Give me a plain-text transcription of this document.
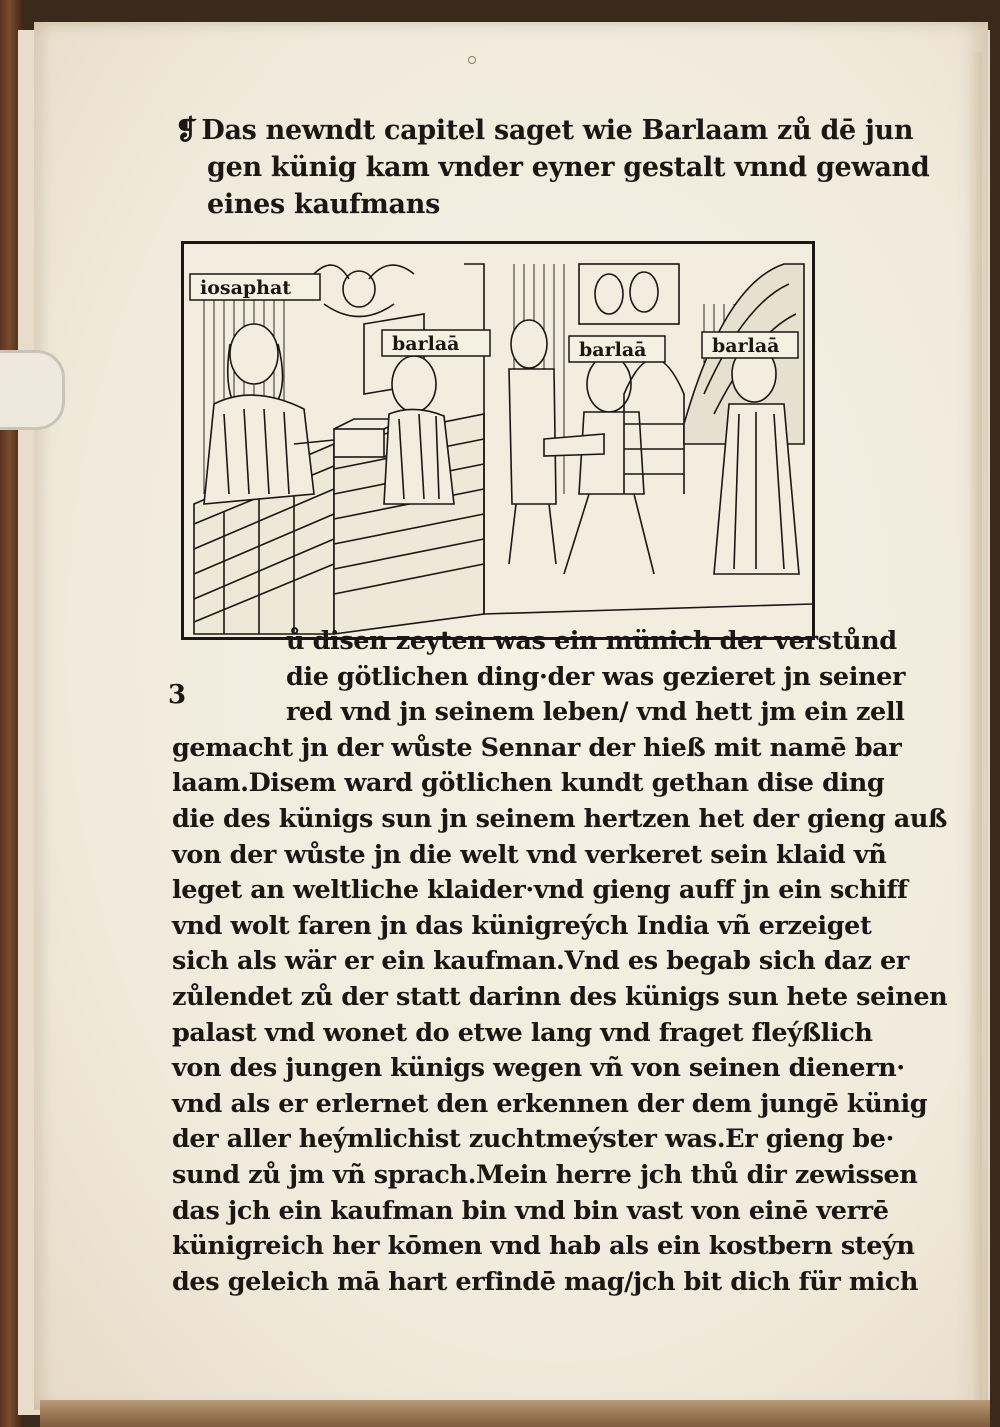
❡ Das newndt capitel saget wie Barlaam zů dē jun
gen künig kam vnder eyner gestalt vnnd gewand
eines kaufmans
iosaphat
barlaā	barlaā	barlaā
3
ů disen zeyten was ein münich der verstůnd
die götlichen ding·der was gezieret jn seiner
red vnd jn seinem leben/ vnd hett jm ein zell
gemacht jn der wůste Sennar der hieß mit namē bar
laam.Disem ward götlichen kundt gethan dise ding
die des künigs sun jn seinem hertzen het der gieng auß
von der wůste jn die welt vnd verkeret sein klaid vñ
leget an weltliche klaider·vnd gieng auff jn ein schiff
vnd wolt faren jn das künigreých India vñ erzeiget
sich als wär er ein kaufman.Vnd es begab sich daz er
zůlendet zů der statt darinn des künigs sun hete seinen
palast vnd wonet do etwe lang vnd fraget fleýßlich
von des jungen künigs wegen vñ von seinen dienern·
vnd als er erlernet den erkennen der dem jungē künig
der aller heýmlichist zuchtmeýster was.Er gieng be·
sund zů jm vñ sprach.Mein herre jch thů dir zewissen
das jch ein kaufman bin vnd bin vast von einē verrē
künigreich her kōmen vnd hab als ein kostbern steýn
des geleich mā hart erfindē mag/jch bit dich für mich
